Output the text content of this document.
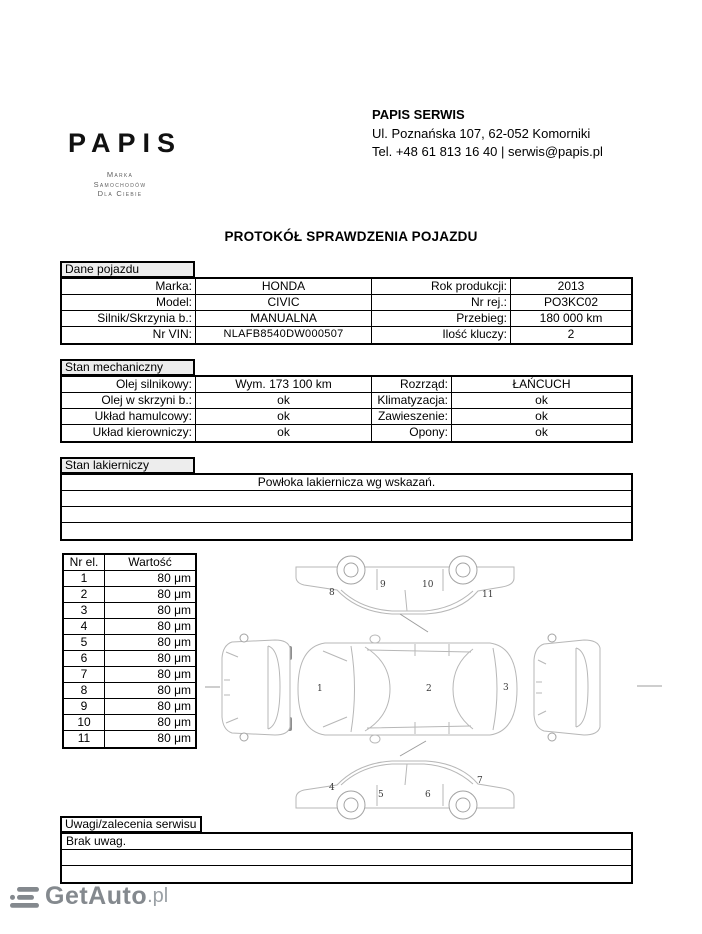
PAPIS
Marka
Samochodów
Dla Ciebie
PAPIS SERWIS
Ul. Poznańska 107, 62-052 Komorniki
Tel. +48 61 813 16 40 | serwis@papis.pl
PROTOKÓŁ SPRAWDZENIA POJAZDU
Dane pojazdu
Marka:	HONDA	Rok produkcji:	2013
Model:	CIVIC	Nr rej.:	PO3KC02
Silnik/Skrzynia b.:	MANUALNA	Przebieg:	180 000 km
Nr VIN:	NLAFB8540DW000507	Ilość kluczy:	2
Stan mechaniczny
Olej silnikowy:	Wym. 173 100 km	Rozrząd:	ŁAŃCUCH
Olej w skrzyni b.:	ok	Klimatyzacja:	ok
Układ hamulcowy:	ok	Zawieszenie:	ok
Układ kierowniczy:	ok	Opony:	ok
Stan lakierniczy
Powłoka lakiernicza wg wskazań.
Nr el.	Wartość
1	80 μm
2	80 μm
3	80 μm
4	80 μm
5	80 μm
6	80 μm
7	80 μm
8	80 μm
9	80 μm
10	80 μm
11	80 μm
1	2	3
4
5	6
7
8
9	10
11
Uwagi/zalecenia serwisu
Brak uwag.
GetAuto .pl
